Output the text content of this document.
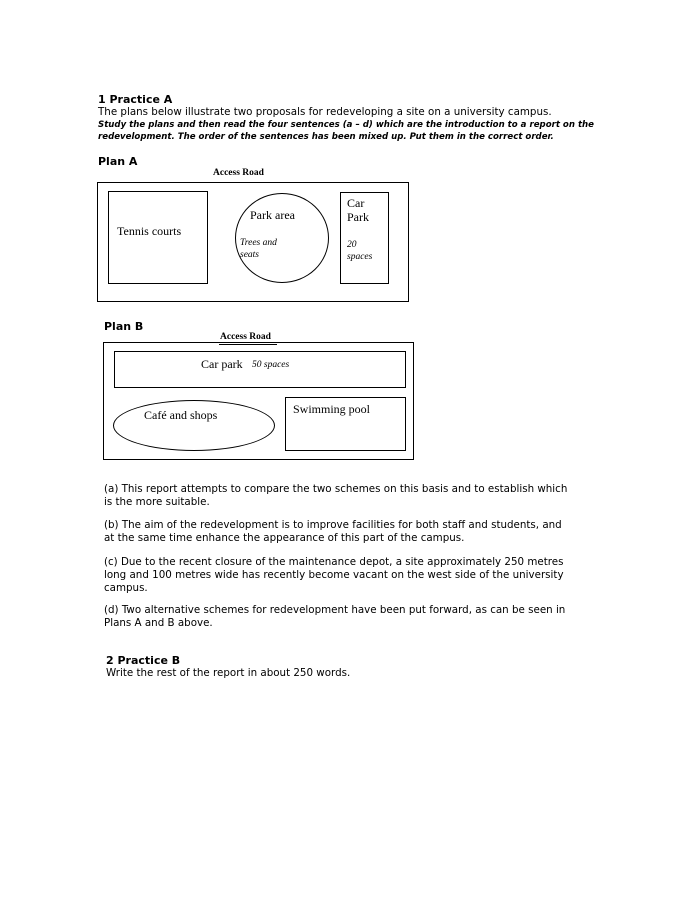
1 Practice A
The plans below illustrate two proposals for redeveloping a site on a university campus.
Study the plans and then read the four sentences (a – d) which are the introduction to a report on the
redevelopment. The order of the sentences has been mixed up. Put them in the correct order.
Plan A
Access Road
Tennis courts
Park area
Trees and
seats
Car
Park
20
spaces
Plan B
Access Road
Car park 50 spaces
Café and shops	Swimming pool
(a) This report attempts to compare the two schemes on this basis and to establish which
is the more suitable.
(b) The aim of the redevelopment is to improve facilities for both staff and students, and
at the same time enhance the appearance of this part of the campus.
(c) Due to the recent closure of the maintenance depot, a site approximately 250 metres
long and 100 metres wide has recently become vacant on the west side of the university
campus.
(d) Two alternative schemes for redevelopment have been put forward, as can be seen in
Plans A and B above.
2 Practice B
Write the rest of the report in about 250 words.
